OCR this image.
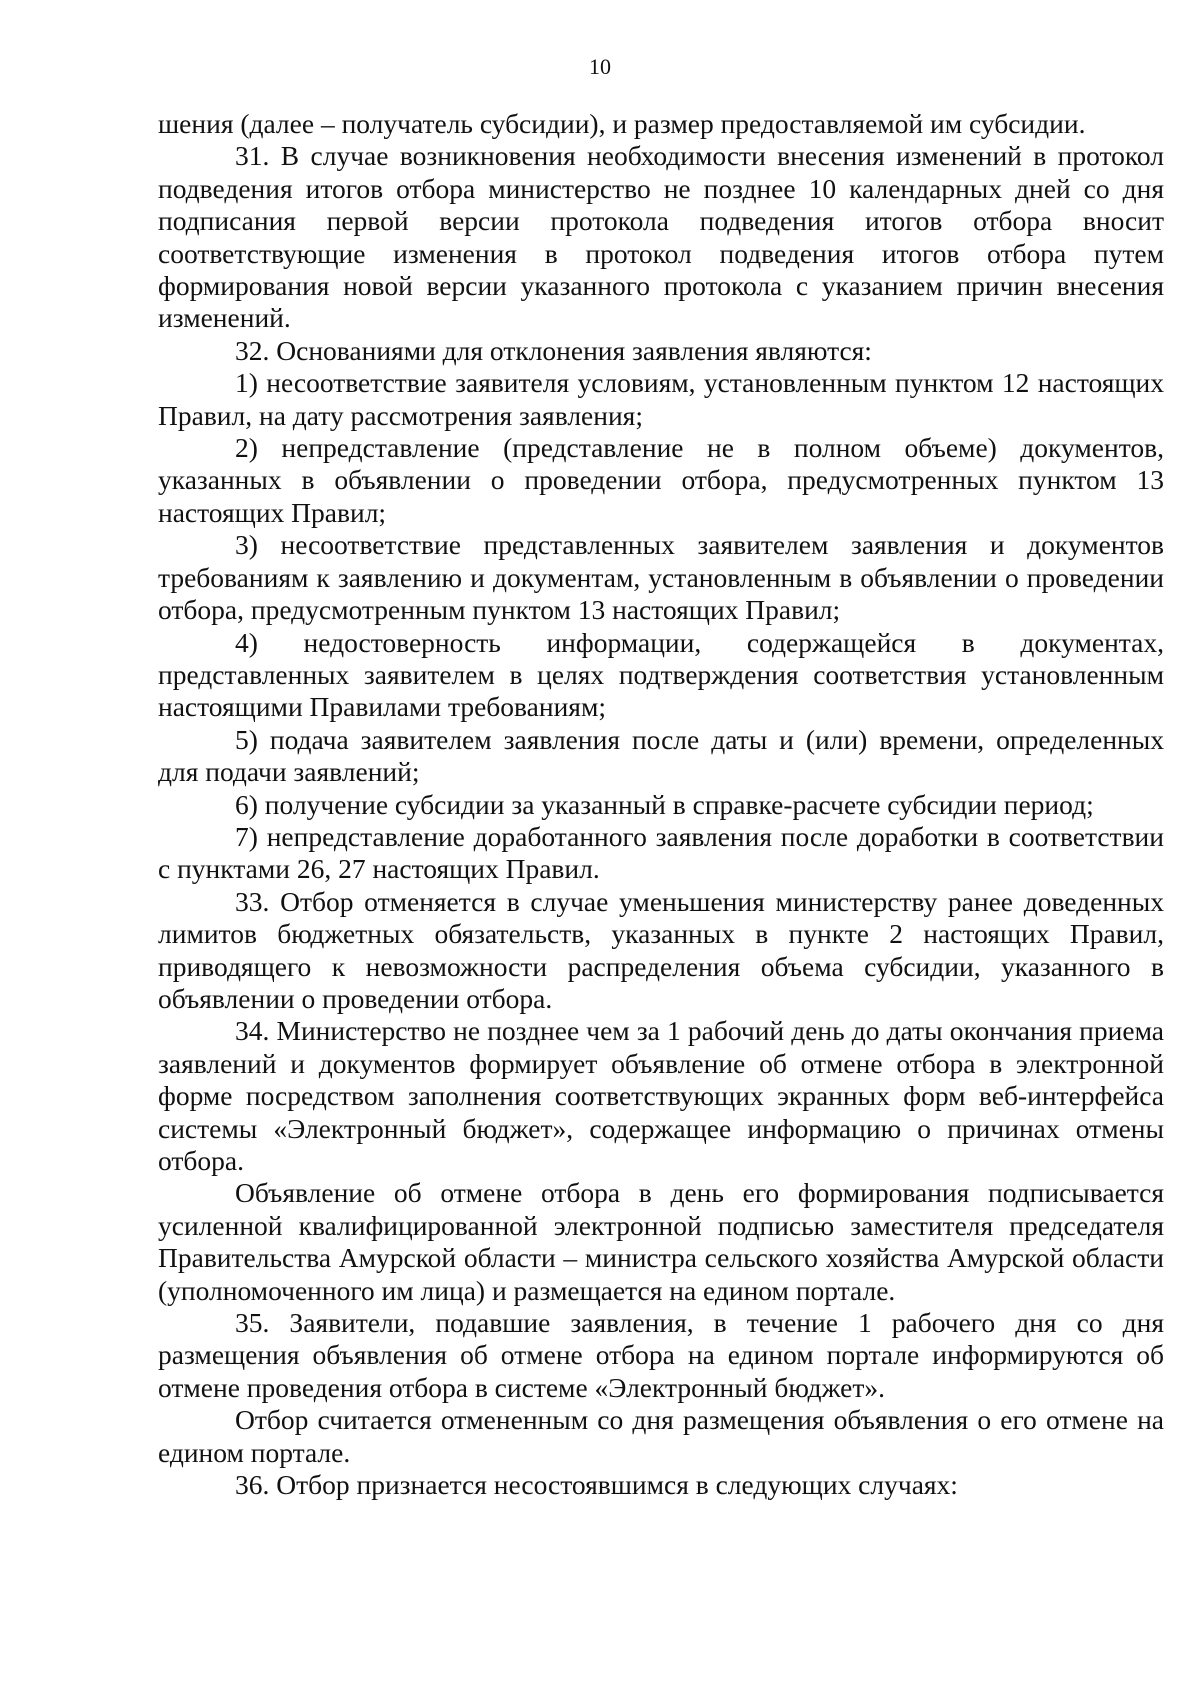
10

шения (далее – получатель субсидии), и размер предоставляемой им субсидии.

31. В случае возникновения необходимости внесения изменений в протокол подведения итогов отбора министерство не позднее 10 календарных дней со дня подписания первой версии протокола подведения итогов отбора вносит соответствующие изменения в протокол подведения итогов отбора путем формирования новой версии указанного протокола с указанием причин внесения изменений.

32. Основаниями для отклонения заявления являются:

1) несоответствие заявителя условиям, установленным пунктом 12 настоящих Правил, на дату рассмотрения заявления;

2) непредставление (представление не в полном объеме) документов, указанных в объявлении о проведении отбора, предусмотренных пунктом 13 настоящих Правил;

3) несоответствие представленных заявителем заявления и документов требованиям к заявлению и документам, установленным в объявлении о проведении отбора, предусмотренным пунктом 13 настоящих Правил;

4) недостоверность информации, содержащейся в документах, представленных заявителем в целях подтверждения соответствия установленным настоящими Правилами требованиям;

5) подача заявителем заявления после даты и (или) времени, определенных для подачи заявлений;

6) получение субсидии за указанный в справке-расчете субсидии период;

7) непредставление доработанного заявления после доработки в соответствии с пунктами 26, 27 настоящих Правил.

33. Отбор отменяется в случае уменьшения министерству ранее доведенных лимитов бюджетных обязательств, указанных в пункте 2 настоящих Правил, приводящего к невозможности распределения объема субсидии, указанного в объявлении о проведении отбора.

34. Министерство не позднее чем за 1 рабочий день до даты окончания приема заявлений и документов формирует объявление об отмене отбора в электронной форме посредством заполнения соответствующих экранных форм веб-интерфейса системы «Электронный бюджет», содержащее информацию о причинах отмены отбора.

Объявление об отмене отбора в день его формирования подписывается усиленной квалифицированной электронной подписью заместителя председателя Правительства Амурской области – министра сельского хозяйства Амурской области (уполномоченного им лица) и размещается на едином портале.

35. Заявители, подавшие заявления, в течение 1 рабочего дня со дня размещения объявления об отмене отбора на едином портале информируются об отмене проведения отбора в системе «Электронный бюджет».

Отбор считается отмененным со дня размещения объявления о его отмене на едином портале.

36. Отбор признается несостоявшимся в следующих случаях:
